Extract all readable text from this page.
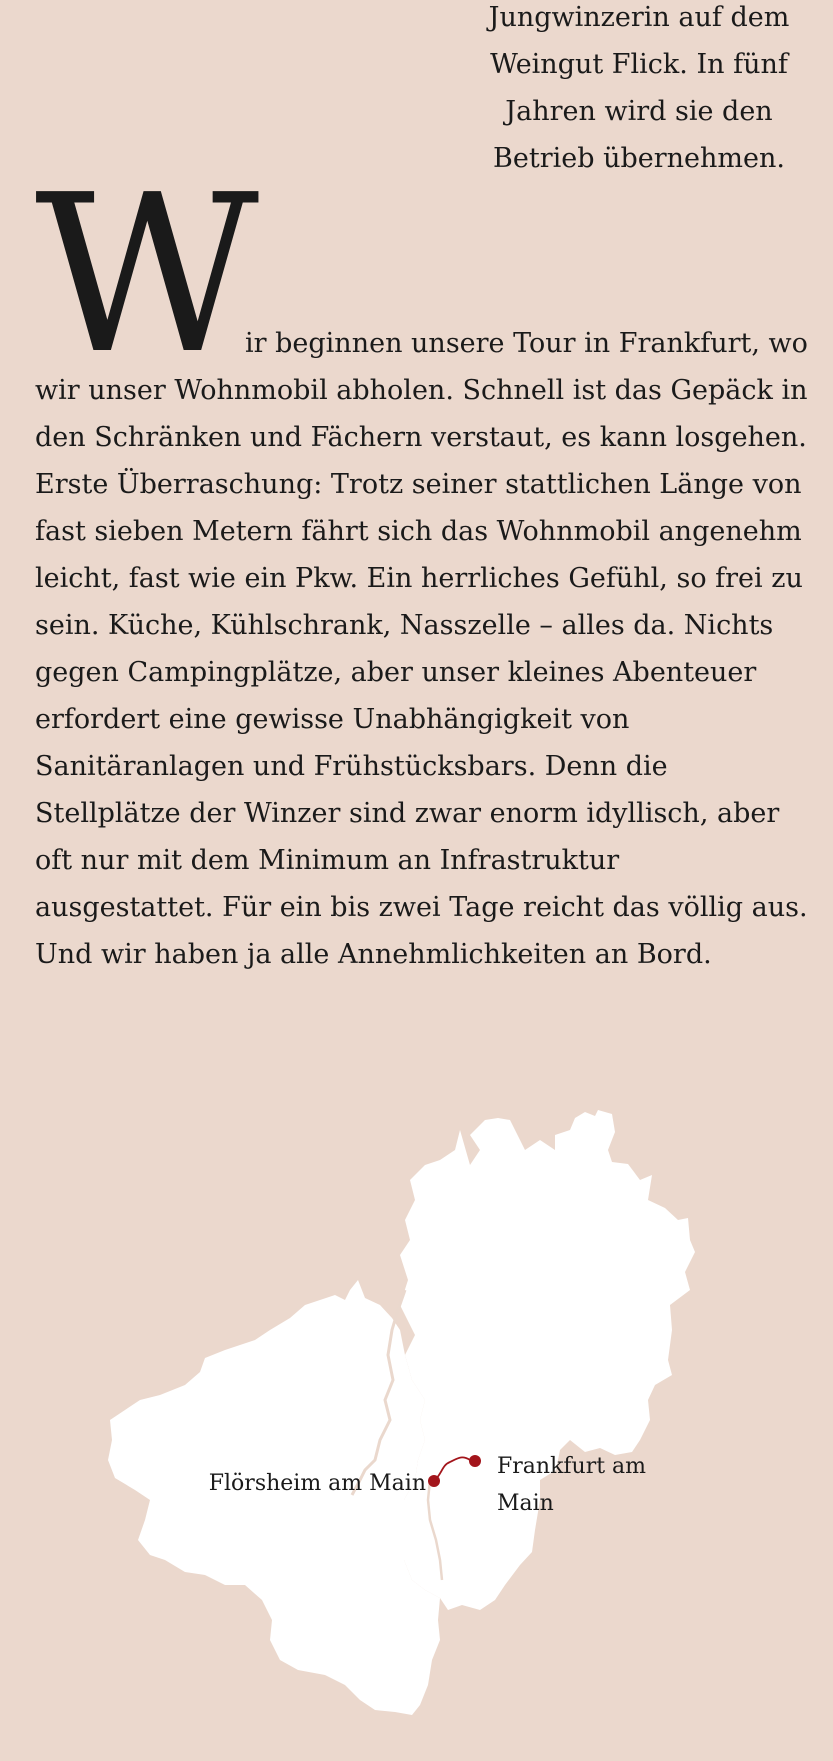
Jungwinzerin auf dem
Weingut Flick. In fünf
Jahren wird sie den
Betrieb übernehmen.
W
ir beginnen unsere Tour in Frankfurt, wo
wir unser Wohnmobil abholen. Schnell ist das Gepäck in
den Schränken und Fächern verstaut, es kann losgehen.
Erste Überraschung: Trotz seiner stattlichen Länge von
fast sieben Metern fährt sich das Wohnmobil angenehm
leicht, fast wie ein Pkw. Ein herrliches Gefühl, so frei zu
sein. Küche, Kühlschrank, Nasszelle – alles da. Nichts
gegen Campingplätze, aber unser kleines Abenteuer
erfordert eine gewisse Unabhängigkeit von
Sanitäranlagen und Frühstücksbars. Denn die
Stellplätze der Winzer sind zwar enorm idyllisch, aber
oft nur mit dem Minimum an Infrastruktur
ausgestattet. Für ein bis zwei Tage reicht das völlig aus.
Und wir haben ja alle Annehmlichkeiten an Bord.
Flörsheim am Main
Frankfurt am
Main
